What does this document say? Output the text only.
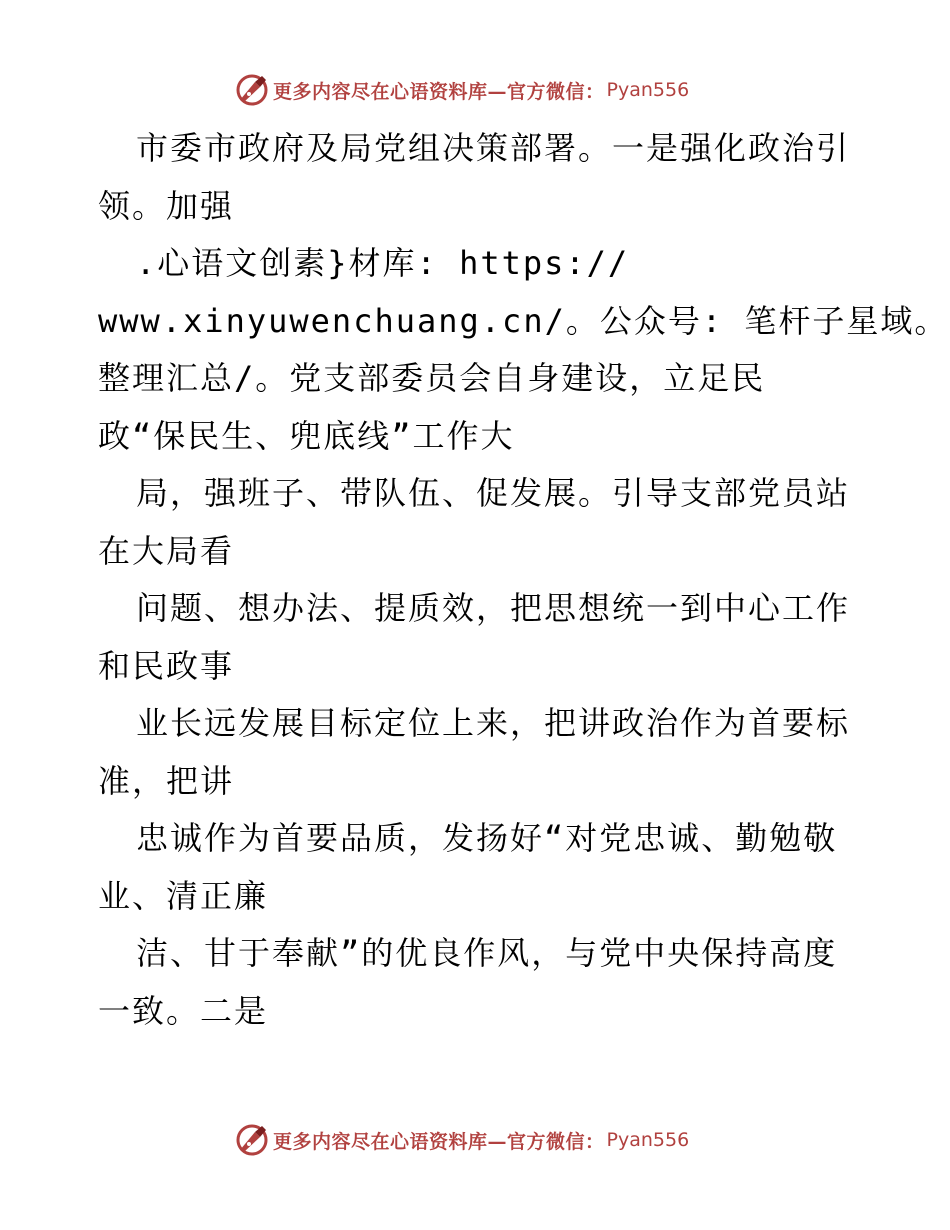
更多内容尽在心语资料库—官方微信： Pyan556
市委市政府及局党组决策部署。一是强化政治引
领。加强
.心语文创素}材库: https://
www.xinyuwenchuang.cn/。公众号: 笔杆子星域。
整理汇总/。党支部委员会自身建设，立足民
政“保民生、兜底线”工作大
局，强班子、带队伍、促发展。引导支部党员站
在大局看
问题、想办法、提质效，把思想统一到中心工作
和民政事
业长远发展目标定位上来，把讲政治作为首要标
准，把讲
忠诚作为首要品质，发扬好“对党忠诚、勤勉敬
业、清正廉
洁、甘于奉献”的优良作风，与党中央保持高度
一致。二是
更多内容尽在心语资料库—官方微信： Pyan556
